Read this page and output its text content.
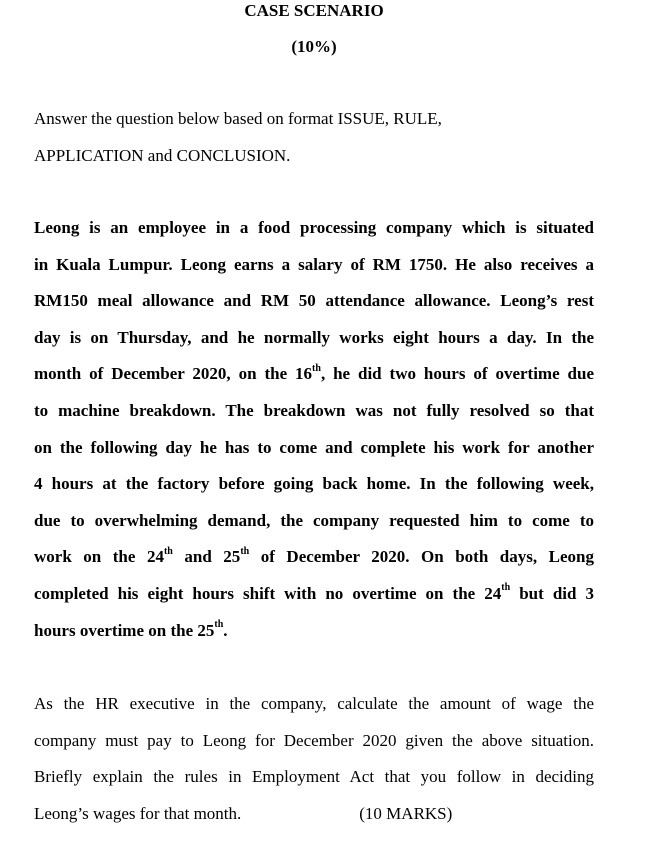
CASE SCENARIO
(10%)
Answer the question below based on format ISSUE, RULE,
APPLICATION and CONCLUSION.
Leong is an employee in a food processing company which is situated
in Kuala Lumpur. Leong earns a salary of RM 1750. He also receives a
RM150 meal allowance and RM 50 attendance allowance. Leong’s rest
day is on Thursday, and he normally works eight hours a day. In the
month of December 2020, on the 16th, he did two hours of overtime due
to machine breakdown. The breakdown was not fully resolved so that
on the following day he has to come and complete his work for another
4 hours at the factory before going back home. In the following week,
due to overwhelming demand, the company requested him to come to
work on the 24th and 25th of December 2020. On both days, Leong
completed his eight hours shift with no overtime on the 24th but did 3
hours overtime on the 25th.
As the HR executive in the company, calculate the amount of wage the
company must pay to Leong for December 2020 given the above situation.
Briefly explain the rules in Employment Act that you follow in deciding
Leong’s wages for that month.	(10 MARKS)
